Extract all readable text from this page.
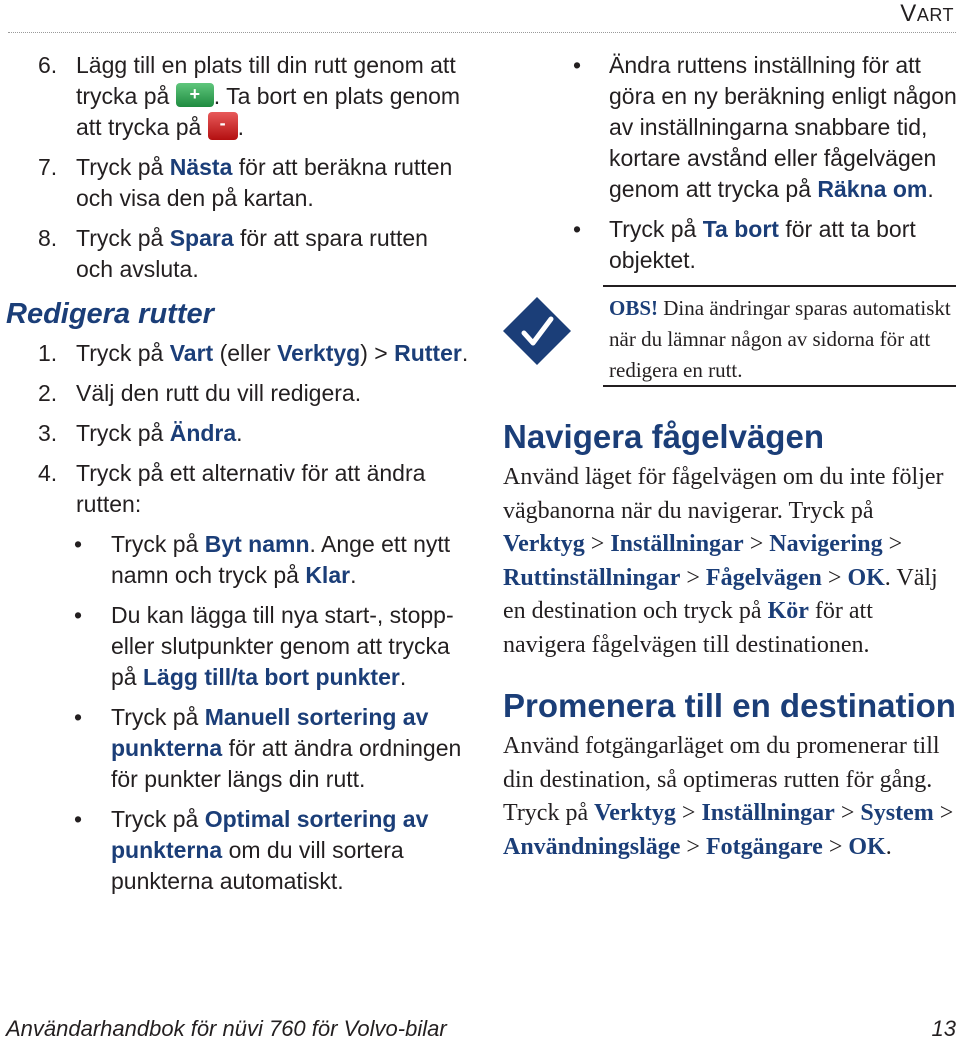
VART
6. Lägg till en plats till din rutt genom att trycka på + . Ta bort en plats genom att trycka på - .
7. Tryck på Nästa för att beräkna rutten och visa den på kartan.
8. Tryck på Spara för att spara rutten och avsluta.
Redigera rutter
1. Tryck på Vart (eller Verktyg) > Rutter.
2. Välj den rutt du vill redigera.
3. Tryck på Ändra.
4. Tryck på ett alternativ för att ändra rutten:
• Tryck på Byt namn. Ange ett nytt namn och tryck på Klar.
• Du kan lägga till nya start-, stopp- eller slutpunkter genom att trycka på Lägg till/ta bort punkter.
• Tryck på Manuell sortering av punkterna för att ändra ordningen för punkter längs din rutt.
• Tryck på Optimal sortering av punkterna om du vill sortera punkterna automatiskt.
• Ändra ruttens inställning för att göra en ny beräkning enligt någon av inställningarna snabbare tid, kortare avstånd eller fågelvägen genom att trycka på Räkna om.
• Tryck på Ta bort för att ta bort objektet.
OBS! Dina ändringar sparas automatiskt när du lämnar någon av sidorna för att redigera en rutt.
Navigera fågelvägen
Använd läget för fågelvägen om du inte följer vägbanorna när du navigerar. Tryck på Verktyg > Inställningar > Navigering > Ruttinställningar > Fågelvägen > OK. Välj en destination och tryck på Kör för att navigera fågelvägen till destinationen.
Promenera till en destination
Använd fotgängarläget om du promenerar till din destination, så optimeras rutten för gång. Tryck på Verktyg > Inställningar > System > Användningsläge > Fotgängare > OK.
Användarhandbok för nüvi 760 för Volvo-bilar	13
